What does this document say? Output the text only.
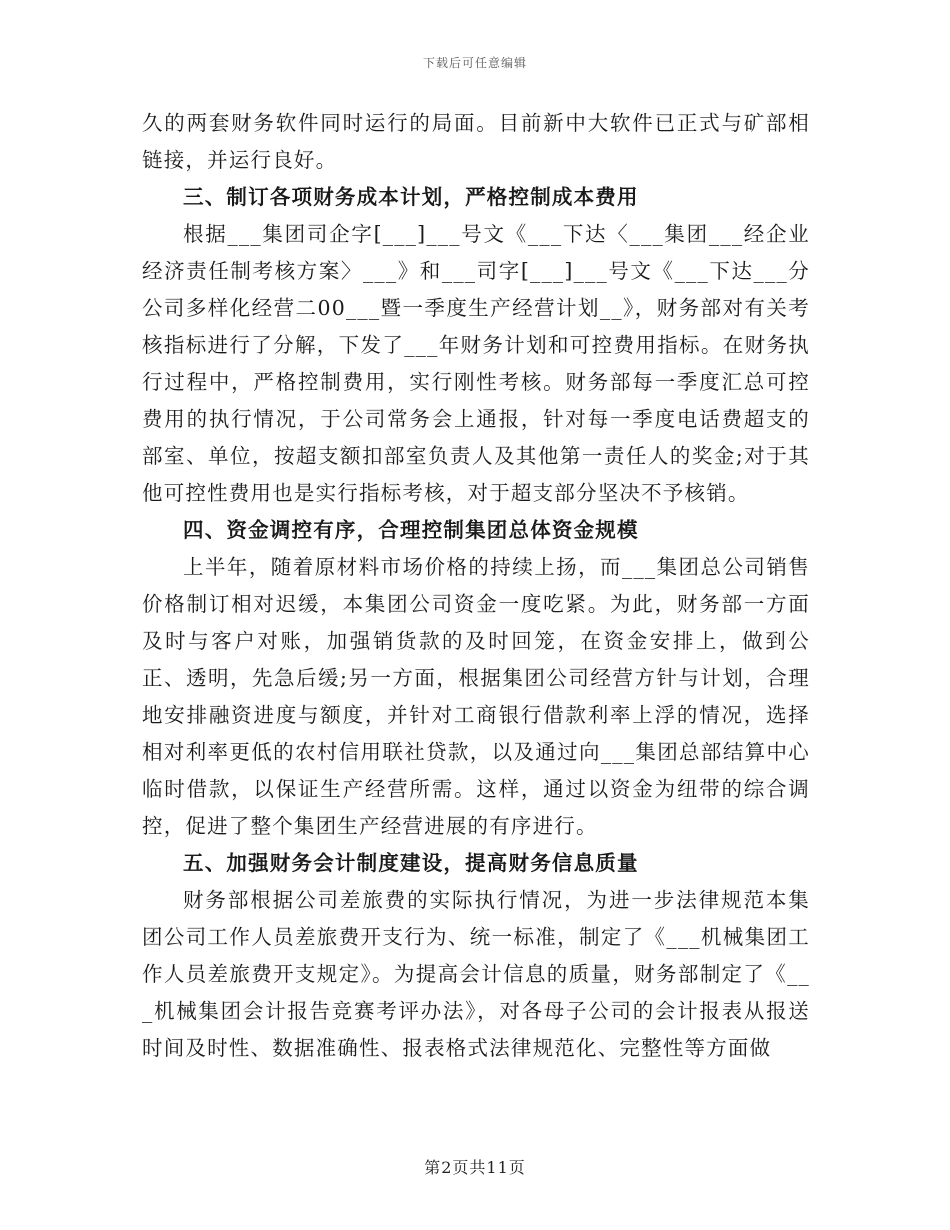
下载后可任意编辑

久的两套财务软件同时运行的局面。目前新中大软件已正式与矿部相链接，并运行良好。

三、制订各项财务成本计划，严格控制成本费用

根据___集团司企字[___]___号文《___下达〈___集团___经企业经济责任制考核方案〉___》和___司字[___]___号文《___下达___分公司多样化经营二00___暨一季度生产经营计划__》，财务部对有关考核指标进行了分解，下发了___年财务计划和可控费用指标。在财务执行过程中，严格控制费用，实行刚性考核。财务部每一季度汇总可控费用的执行情况，于公司常务会上通报，针对每一季度电话费超支的部室、单位，按超支额扣部室负责人及其他第一责任人的奖金;对于其他可控性费用也是实行指标考核，对于超支部分坚决不予核销。

四、资金调控有序，合理控制集团总体资金规模

上半年，随着原材料市场价格的持续上扬，而___集团总公司销售价格制订相对迟缓，本集团公司资金一度吃紧。为此，财务部一方面及时与客户对账，加强销货款的及时回笼，在资金安排上，做到公正、透明，先急后缓;另一方面，根据集团公司经营方针与计划，合理地安排融资进度与额度，并针对工商银行借款利率上浮的情况，选择相对利率更低的农村信用联社贷款，以及通过向___集团总部结算中心临时借款，以保证生产经营所需。这样，通过以资金为纽带的综合调控，促进了整个集团生产经营进展的有序进行。

五、加强财务会计制度建设，提高财务信息质量

财务部根据公司差旅费的实际执行情况，为进一步法律规范本集团公司工作人员差旅费开支行为、统一标准，制定了《___机械集团工作人员差旅费开支规定》。为提高会计信息的质量，财务部制定了《___机械集团会计报告竞赛考评办法》，对各母子公司的会计报表从报送时间及时性、数据准确性、报表格式法律规范化、完整性等方面做

第2页共11页
